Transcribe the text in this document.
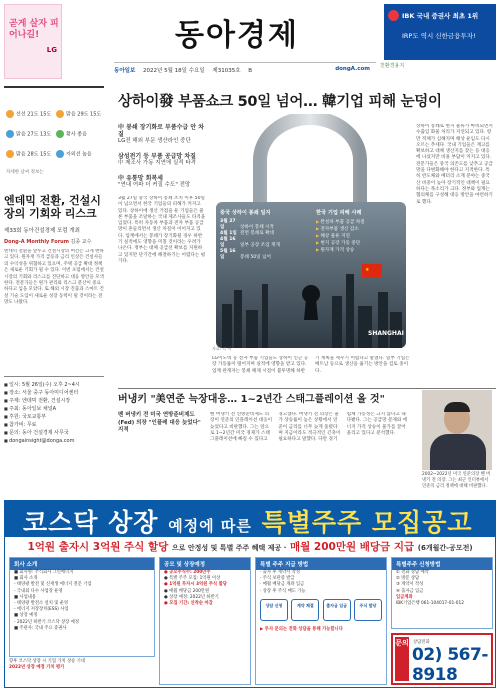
곧게 살자 피어나길!
LG	동아경제
동아일보 2022년 5월 18일 수요일 제31035호 B	dongA.com 친환경용지
IBK 국내 증권사 최초 1위
IRP도 역시 신한금융투자!
선선 21도 15도	맑음 29도 15도
맑음 27도 13도	황사 좋음
맑음 28도 15도	자외선 높음
자세한 날씨 정보는
엔데믹 전환, 건설시장의 기회와 리스크
제33회 동아건설경제 포럼 개최
Dong-A Monthly Forum 김종 교수
엔데믹 전환을 앞두고 건설시장의 여건은 크게 변하고 있다. 원자재 가격 급등과 금리 인상은 건설사들의 수익성을 위협하고 있으며, 주택 공급 확대 정책은 새로운 기회가 될 수 있다. 이번 포럼에서는 건설시장의 기회와 리스크를 진단하고 대응 방안을 모색한다. 전문가들은 원가 관리와 리스크 분산이 중요하다고 입을 모았다. 또 해외 시장 진출과 스마트 건설 기술 도입이 새로운 성장 동력이 될 것이라는 전망도 나왔다.
■ 일시: 5월 26일(수) 오후 2~4시
■ 장소: 서울 중구 동아미디어센터
■ 주제: 엔데믹 전환, 건설시장
■ 주최: 동아일보 채널A
■ 후원: 국토교통부
■ 참가비: 무료
■ 문의: 동아 건설경제 사무국
■ dongainsight@donga.com
상하이發 부품쇼크 50일 넘어… 韓기업 피해 눈덩이

中 봉쇄 장기화로 부품수급 안 차질
LG전 해외 부문 생산라인 중단

삼성전기 등 부품 공급망 차질
中 제조사 가동 지연에 실적 타격

中 유통망 회복세
"연내 여파 더 커질 수도" 전망

3월 27일 중국 상하이 봉쇄 조치 이후 50일이 넘으면서 한국 기업들의 피해가 커지고 있다. 상하이에 생산 거점을 둔 기업들은 물론 부품을 조달하는 국내 제조사들도 타격을 입었다. 특히 자동차 부품과 전자 부품 공급망이 흔들리면서 생산 차질이 이어지고 있다. 업계에서는 봉쇄가 장기화될 경우 하반기 실적에도 영향을 미칠 것이라는 우려가 나온다. 정부는 대체 공급선 확보를 지원하고 있지만 단기간에 해결하기는 어렵다는 평가다.
★
중국 상하이 봉쇄 일지
3월 27일	상하이 봉쇄 시작
4월 1일 전면 봉쇄로 확대
4월 16일	일부 공장 조업 재개
5월 16일	봉쇄 50일 넘어
한국 기업 피해 사례
▶ 완성차 부품 공급 차질
▶ 전자부품 생산 감소
▶ 해상 물류 지연
▶ 현지 공장 가동 중단
▶ 원자재 가격 상승
SHANGHAI
자료: 각 사
상하이 봉쇄로 현지 물류가 마비되면서 수출입 화물 처리가 지연되고 있다. 항만 적체가 심해지며 해상 운임도 다시 오르는 추세다. 국내 기업들은 재고를 확보하고 대체 생산지를 찾는 등 대응에 나섰지만 비용 부담이 커지고 있다. 전문가들은 중국 의존도를 낮추고 공급망을 다변화해야 한다고 지적한다. 특히 반도체와 배터리 소재 분야는 중국산 비중이 높아 장기적인 대책이 필요하다는 목소리가 크다. 정부와 업계는 협의체를 구성해 대응 방안을 마련하기로 했다.
LG이노텍 등 전자 부품 기업들도 상하이 인근 공장 가동률이 떨어지며 실적에 영향을 받고 있다. 업계 관계자는 봉쇄 해제 시점이 불투명해 하반기 계획을 세우기 어렵다고 말했다. 일부 기업은 베트남 등으로 생산을 옮기는 방안을 검토 중이다.
버냉키 "美연준 늑장대응… 1~2년간 스태그플레이션 올 것"
벤 버냉키 전 미국 연방준비제도(Fed) 의장 "인플레 대응 늦었다" 지적
벤 버냉키 전 연방준비제도 의장이 연준의 인플레이션 대응이 늦었다고 비판했다. 그는 앞으로 1~2년간 미국 경제가 스태그플레이션에 빠질 수 있다고 경고했다. 버냉키 전 의장은 물가 상승률이 높은 상황에서 연준이 금리를 너무 늦게 올렸다며 지금이라도 적극적인 긴축이 필요하다고 말했다. 다만 경기 침체 가능성은 크지 않다고 내다봤다. 그는 공급망 문제와 에너지 가격 상승이 물가를 끌어올리고 있다고 분석했다.
2002~2022년 미국 연준의장 벤 버냉키 전 의장. 그는 최근 인터뷰에서 연준의 금리 정책에 대해 비판했다.
코스닥 상장 예정에 따른 특별주주 모집공고
1억원 출자시 3억원 주식 할당 으로 안정성 및 특별 주주 혜택 제공 · 매월 200만원 배당금 지급 (6개월간-공모전)
회사 소개
■ 회사명: 주식회사 그린에너지
■ 회사 소개
- 태양광 발전 및 신재생 에너지 전문 기업
- 국내외 다수 사업장 운영
■ 사업내용
- 태양광 발전소 설치 및 운영
- 에너지 저장장치(ESS) 사업
■ 상장 예정
- 2022년 하반기 코스닥 상장 예정
■ 주관사: 국내 주요 증권사
향후 코스닥 상장 시 기업 가치 상승 기대
2022년 상장 예정 가치 평가
공모 및 상장예정
● 공모주식수: 200만주
● 특별 주주 모집: 1억원 이상
● 1억원 투자시 3억원 주식 할당
● 매월 배당금 200만원
● 상장 예정: 2022년 하반기
● 모집 기간: 선착순 마감
특별 주주 지급 방법
· 출자 후 계약서 작성
· 주식 보관증 발급
· 매월 배당금 계좌 입금
· 상장 후 주식 매도 가능
상담 신청	계약 체결	출자금 입금	주식 할당
▶ 투자 문의는 전화 상담을 통해 가능합니다
특별주주 신청방법
① 전화 상담 예약
② 방문 상담
③ 계약서 작성
④ 출자금 입금
입금계좌
IBK기업은행 061-104017-01-012
문의 상담전화
02) 567-8918
